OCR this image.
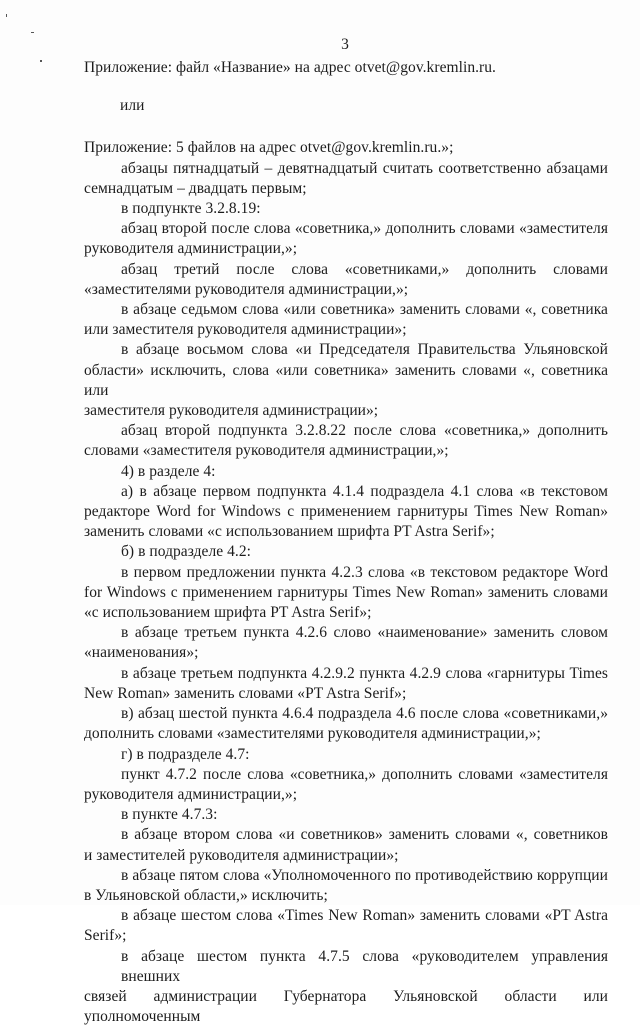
3
Приложение: файл «Название» на адрес otvet@gov.kremlin.ru.
или
Приложение: 5 файлов на адрес otvet@gov.kremlin.ru.»;
абзацы пятнадцатый – девятнадцатый считать соответственно абзацами
семнадцатым – двадцать первым;
в подпункте 3.2.8.19:
абзац второй после слова «советника,» дополнить словами «заместителя
руководителя администрации,»;
абзац третий после слова «советниками,» дополнить словами
«заместителями руководителя администрации,»;
в абзаце седьмом слова «или советника» заменить словами «, советника
или заместителя руководителя администрации»;
в абзаце восьмом слова «и Председателя Правительства Ульяновской
области» исключить, слова «или советника» заменить словами «, советника или
заместителя руководителя администрации»;
абзац второй подпункта 3.2.8.22 после слова «советника,» дополнить
словами «заместителя руководителя администрации,»;
4) в разделе 4:
а) в абзаце первом подпункта 4.1.4 подраздела 4.1 слова «в текстовом
редакторе Word for Windows с применением гарнитуры Times New Roman»
заменить словами «с использованием шрифта PT Astra Serif»;
б) в подразделе 4.2:
в первом предложении пункта 4.2.3 слова «в текстовом редакторе Word
for Windows с применением гарнитуры Times New Roman» заменить словами
«с использованием шрифта PT Astra Serif»;
в абзаце третьем пункта 4.2.6 слово «наименование» заменить словом
«наименования»;
в абзаце третьем подпункта 4.2.9.2 пункта 4.2.9 слова «гарнитуры Times
New Roman» заменить словами «PT Astra Serif»;
в) абзац шестой пункта 4.6.4 подраздела 4.6 после слова «советниками,»
дополнить словами «заместителями руководителя администрации,»;
г) в подразделе 4.7:
пункт 4.7.2 после слова «советника,» дополнить словами «заместителя
руководителя администрации,»;
в пункте 4.7.3:
в абзаце втором слова «и советников» заменить словами «, советников
и заместителей руководителя администрации»;
в абзаце пятом слова «Уполномоченного по противодействию коррупции
в Ульяновской области,» исключить;
в абзаце шестом слова «Times New Roman» заменить словами «PT Astra
Serif»;
в абзаце шестом пункта 4.7.5 слова «руководителем управления внешних
связей администрации Губернатора Ульяновской области или уполномоченным
